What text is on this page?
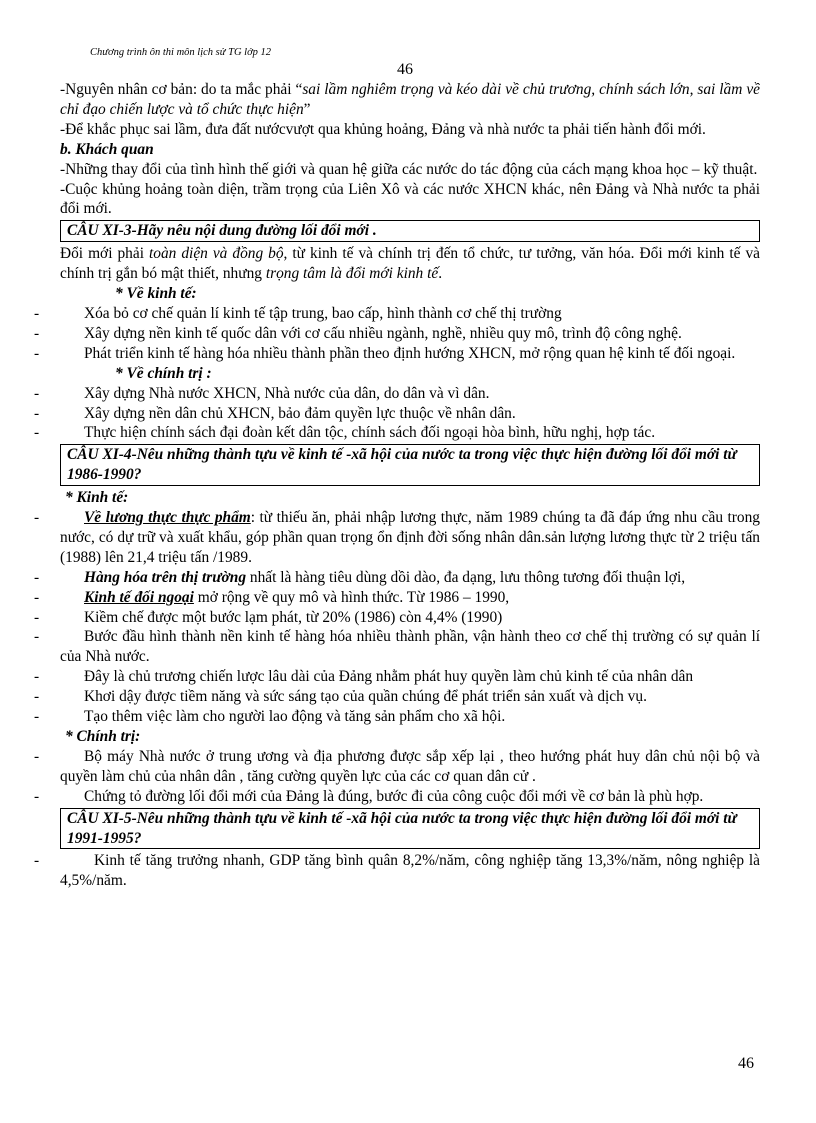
Chương trình ôn thi môn lịch sử TG lớp 12
46

-Nguyên nhân cơ bản: do ta mắc phải “sai lầm nghiêm trọng và kéo dài về chủ trương, chính sách lớn, sai lầm về chỉ đạo chiến lược và tổ chức thực hiện”

-Để khắc phục sai lầm, đưa đất nướcvượt qua khủng hoảng, Đảng và nhà nước ta phải tiến hành đổi mới.

b. Khách quan

-Những thay đổi của tình hình thế giới và quan hệ giữa các nước do tác động của cách mạng khoa học – kỹ thuật.

-Cuộc khủng hoảng toàn diện, trầm trọng của Liên Xô và các nước XHCN khác, nên Đảng và Nhà nước ta phải đổi mới.

CÂU XI-3-Hãy nêu nội dung đường lối đổi mới .

Đổi mới phải toàn diện và đồng bộ, từ kinh tế và chính trị đến tổ chức, tư tưởng, văn hóa. Đổi mới kinh tế và chính trị gắn bó mật thiết, nhưng trọng tâm là đổi mới kinh tế.

* Về kinh tế:

-	Xóa bỏ cơ chế quản lí kinh tế tập trung, bao cấp, hình thành cơ chế thị trường

-	Xây dựng nền kinh tế quốc dân với cơ cấu nhiều ngành, nghề, nhiều quy mô, trình độ công nghệ.

-	Phát triển kinh tế hàng hóa nhiều thành phần theo định hướng XHCN, mở rộng quan hệ kinh tế đối ngoại.

* Về chính trị :

-	Xây dựng Nhà nước XHCN, Nhà nước của dân, do dân và vì dân.

-	Xây dựng nền dân chủ XHCN, bảo đảm quyền lực thuộc về nhân dân.

-	Thực hiện chính sách đại đoàn kết dân tộc, chính sách đối ngoại hòa bình, hữu nghị, hợp tác.

CÂU XI-4-Nêu những thành tựu về kinh tế -xã hội của nước ta trong việc thực hiện đường lối đổi mới từ 1986-1990?

* Kinh tế:

-	Về lương thực thực phẩm: từ thiếu ăn, phải nhập lương thực, năm 1989 chúng ta đã đáp ứng nhu cầu trong nước, có dự trữ và xuất khẩu, góp phần quan trọng ổn định đời sống nhân dân.sản lượng lương thực từ 2 triệu tấn (1988) lên 21,4 triệu tấn /1989.

-	Hàng hóa trên thị trường nhất là hàng tiêu dùng dồi dào, đa dạng, lưu thông tương đối thuận lợi,

-	Kinh tế đối ngoại mở rộng về quy mô và hình thức. Từ 1986 – 1990,

-	Kiềm chế được một bước lạm phát, từ 20% (1986) còn 4,4% (1990)

-	Bước đầu hình thành nền kinh tế hàng hóa nhiều thành phần, vận hành theo cơ chế thị trường có sự quản lí của Nhà nước.

-	Đây là chủ trương chiến lược lâu dài của Đảng nhằm phát huy quyền làm chủ kinh tế của nhân dân

-	Khơi dậy được tiềm năng và sức sáng tạo của quần chúng để phát triển sản xuất và dịch vụ.

-	Tạo thêm việc làm cho người lao động và tăng sản phẩm cho xã hội.

* Chính trị:

-	Bộ máy Nhà nước ở trung ương và địa phương được sắp xếp lại , theo hướng phát huy dân chủ nội bộ và quyền làm chủ của nhân dân , tăng cường quyền lực của các cơ quan dân cử .

-	Chứng tỏ đường lối đổi mới của Đảng là đúng, bước đi của công cuộc đổi mới về cơ bản là phù hợp.

CÂU XI-5-Nêu những thành tựu về kinh tế -xã hội của nước ta trong việc thực hiện đường lối đổi mới từ 1991-1995?

-	Kinh tế tăng trưởng nhanh, GDP tăng bình quân 8,2%/năm, công nghiệp tăng 13,3%/năm, nông nghiệp là 4,5%/năm.

46
